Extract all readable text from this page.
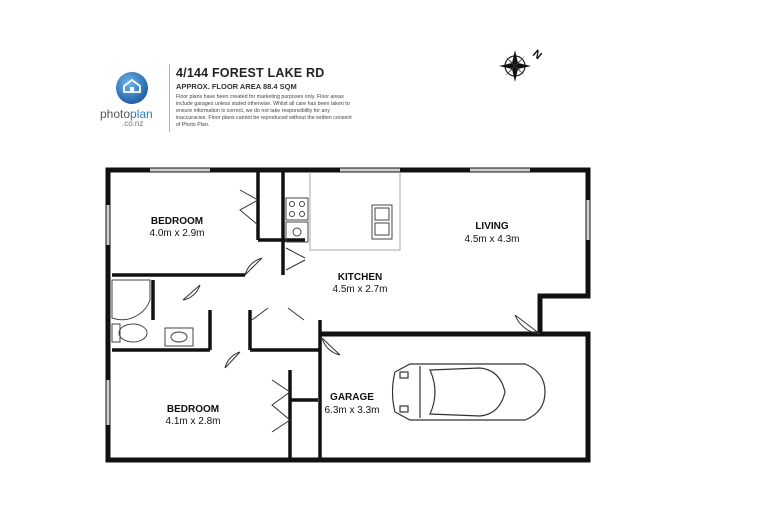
photoplan
.co.nz
4/144 FOREST LAKE RD
APPROX. FLOOR AREA 88.4 SQM
Floor plans have been created for marketing purposes only. Floor areas include garages unless stated otherwise. Whilst all care has been taken to ensure information is correct, we do not take responsibility for any inaccuracies. Floor plans cannot be reproduced without the written consent of Photo Plan.
N
BEDROOM
4.0m x 2.9m
KITCHEN
4.5m x 2.7m
LIVING
4.5m x 4.3m
BEDROOM
4.1m x 2.8m
GARAGE
6.3m x 3.3m
